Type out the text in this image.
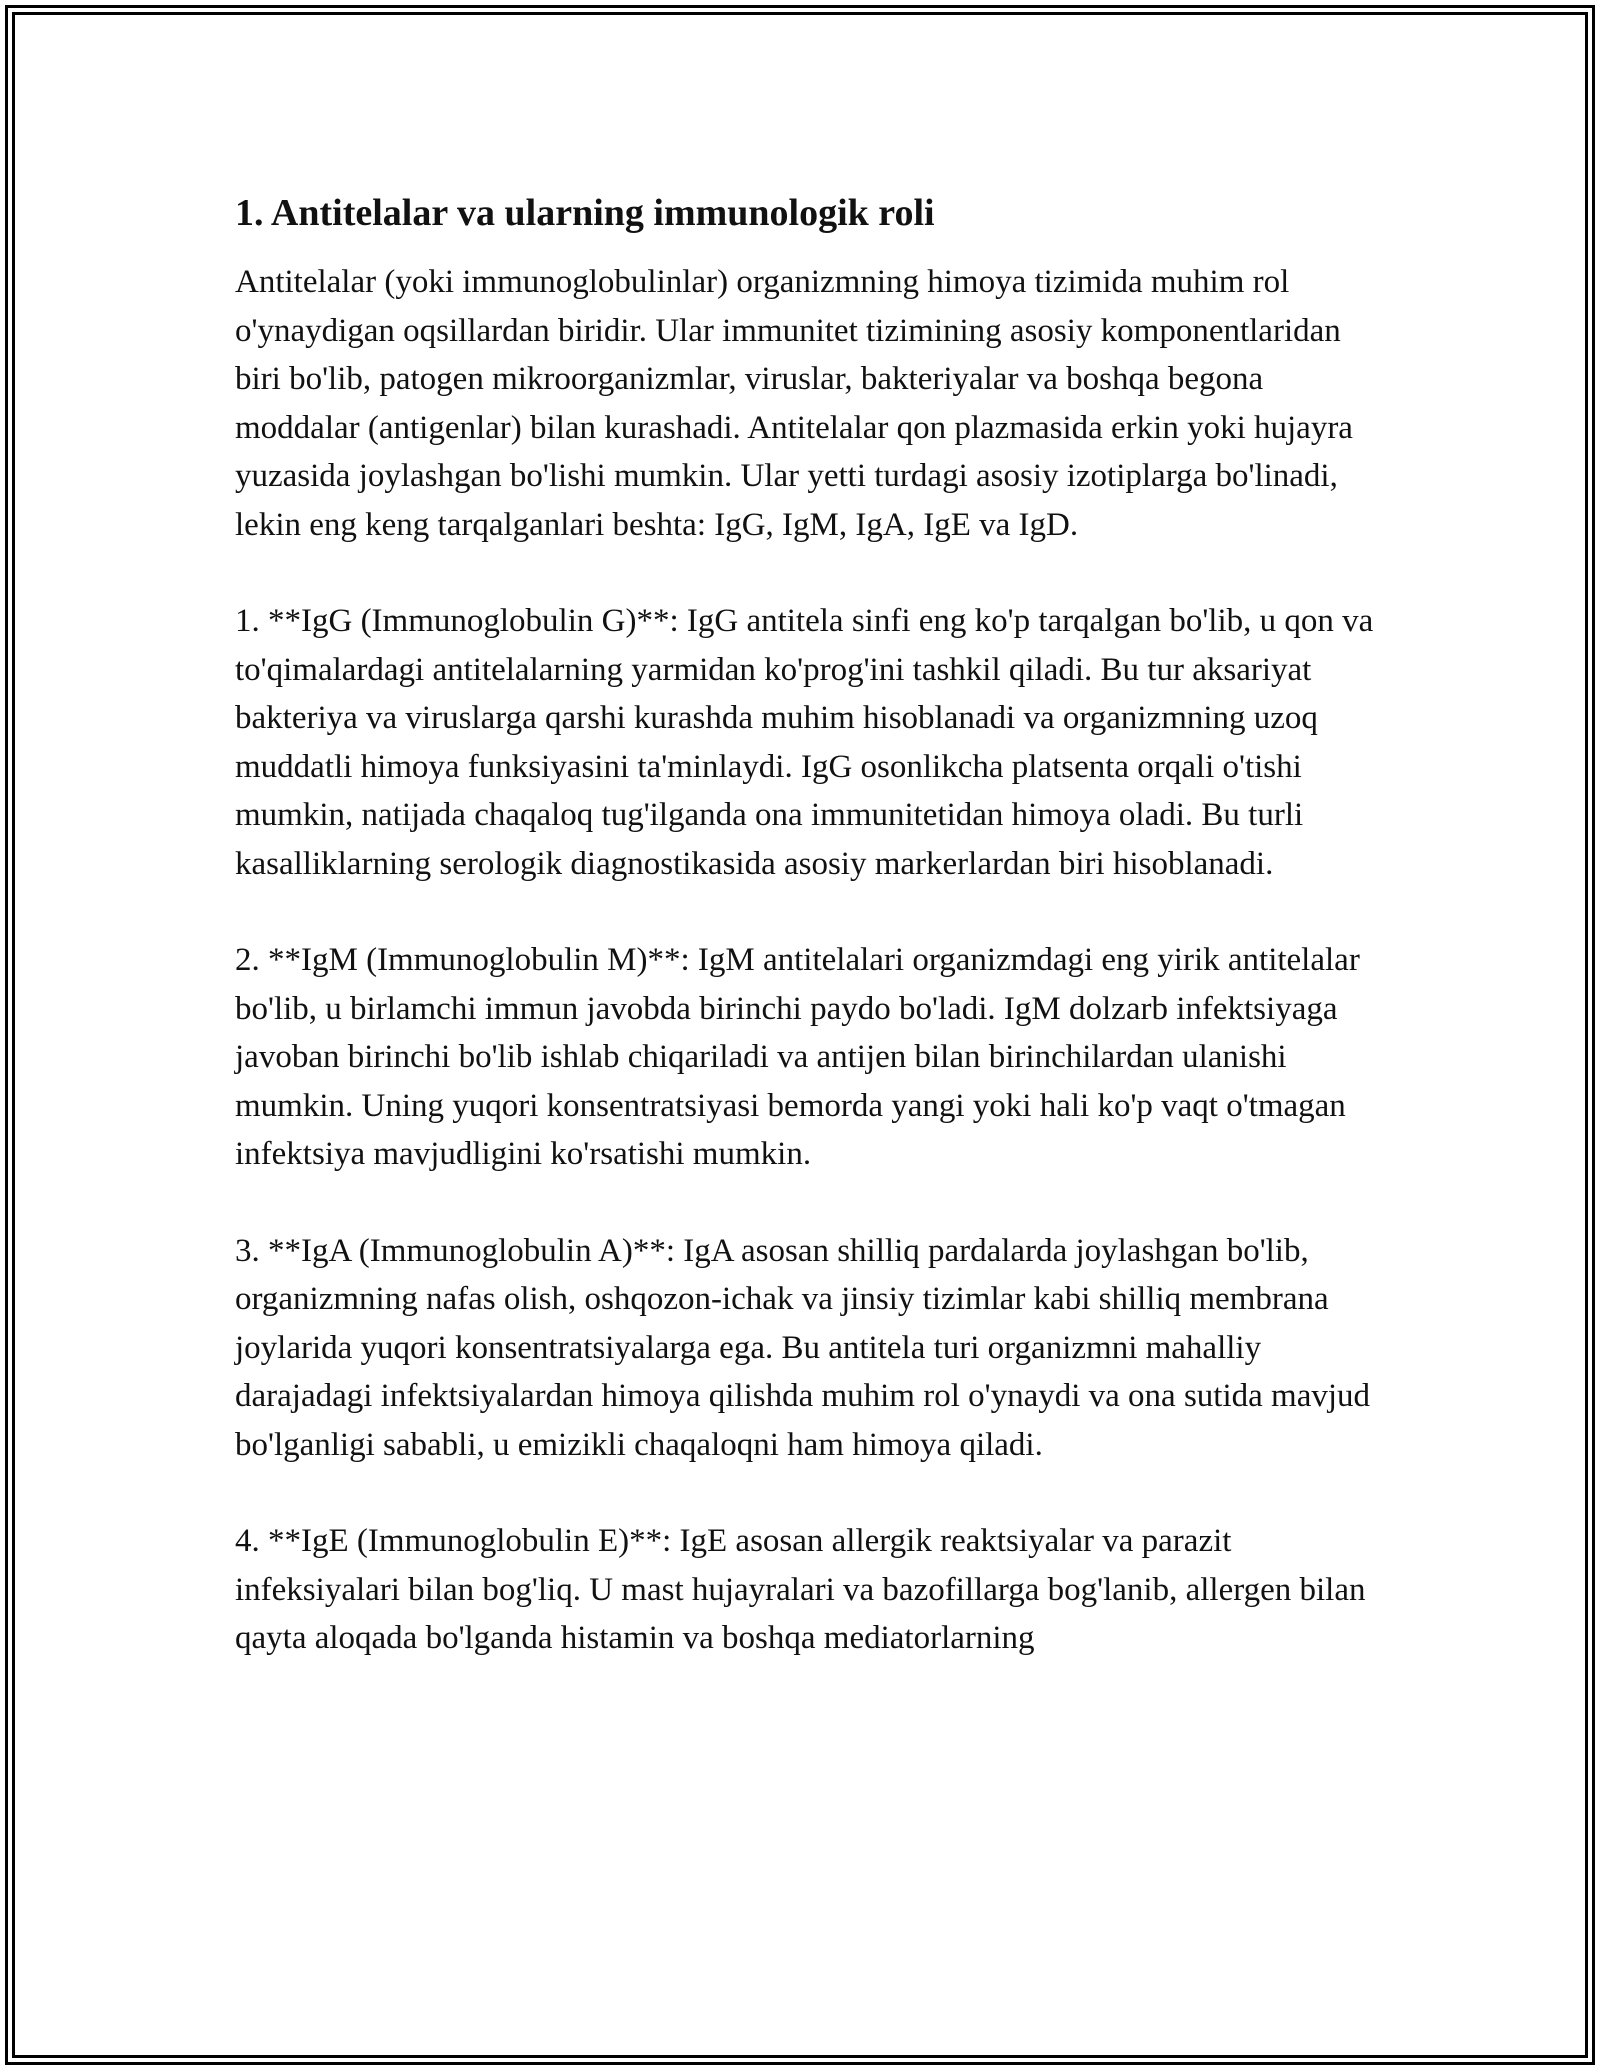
1. Antitelalar va ularning immunologik roli

Antitelalar (yoki immunoglobulinlar) organizmning himoya tizimida muhim rol o'ynaydigan oqsillardan biridir. Ular immunitet tizimining asosiy komponentlaridan biri bo'lib, patogen mikroorganizmlar, viruslar, bakteriyalar va boshqa begona moddalar (antigenlar) bilan kurashadi. Antitelalar qon plazmasida erkin yoki hujayra yuzasida joylashgan bo'lishi mumkin. Ular yetti turdagi asosiy izotiplarga bo'linadi, lekin eng keng tarqalganlari beshta: IgG, IgM, IgA, IgE va IgD.

1. **IgG (Immunoglobulin G)**: IgG antitela sinfi eng ko'p tarqalgan bo'lib, u qon va to'qimalardagi antitelalarning yarmidan ko'prog'ini tashkil qiladi. Bu tur aksariyat bakteriya va viruslarga qarshi kurashda muhim hisoblanadi va organizmning uzoq muddatli himoya funksiyasini ta'minlaydi. IgG osonlikcha platsenta orqali o'tishi mumkin, natijada chaqaloq tug'ilganda ona immunitetidan himoya oladi. Bu turli kasalliklarning serologik diagnostikasida asosiy markerlardan biri hisoblanadi.

2. **IgM (Immunoglobulin M)**: IgM antitelalari organizmdagi eng yirik antitelalar bo'lib, u birlamchi immun javobda birinchi paydo bo'ladi. IgM dolzarb infektsiyaga javoban birinchi bo'lib ishlab chiqariladi va antijen bilan birinchilardan ulanishi mumkin. Uning yuqori konsentratsiyasi bemorda yangi yoki hali ko'p vaqt o'tmagan infektsiya mavjudligini ko'rsatishi mumkin.

3. **IgA (Immunoglobulin A)**: IgA asosan shilliq pardalarda joylashgan bo'lib, organizmning nafas olish, oshqozon-ichak va jinsiy tizimlar kabi shilliq membrana joylarida yuqori konsentratsiyalarga ega. Bu antitela turi organizmni mahalliy darajadagi infektsiyalardan himoya qilishda muhim rol o'ynaydi va ona sutida mavjud bo'lganligi sababli, u emizikli chaqaloqni ham himoya qiladi.

4. **IgE (Immunoglobulin E)**: IgE asosan allergik reaktsiyalar va parazit infeksiyalari bilan bog'liq. U mast hujayralari va bazofillarga bog'lanib, allergen bilan qayta aloqada bo'lganda histamin va boshqa mediatorlarning
